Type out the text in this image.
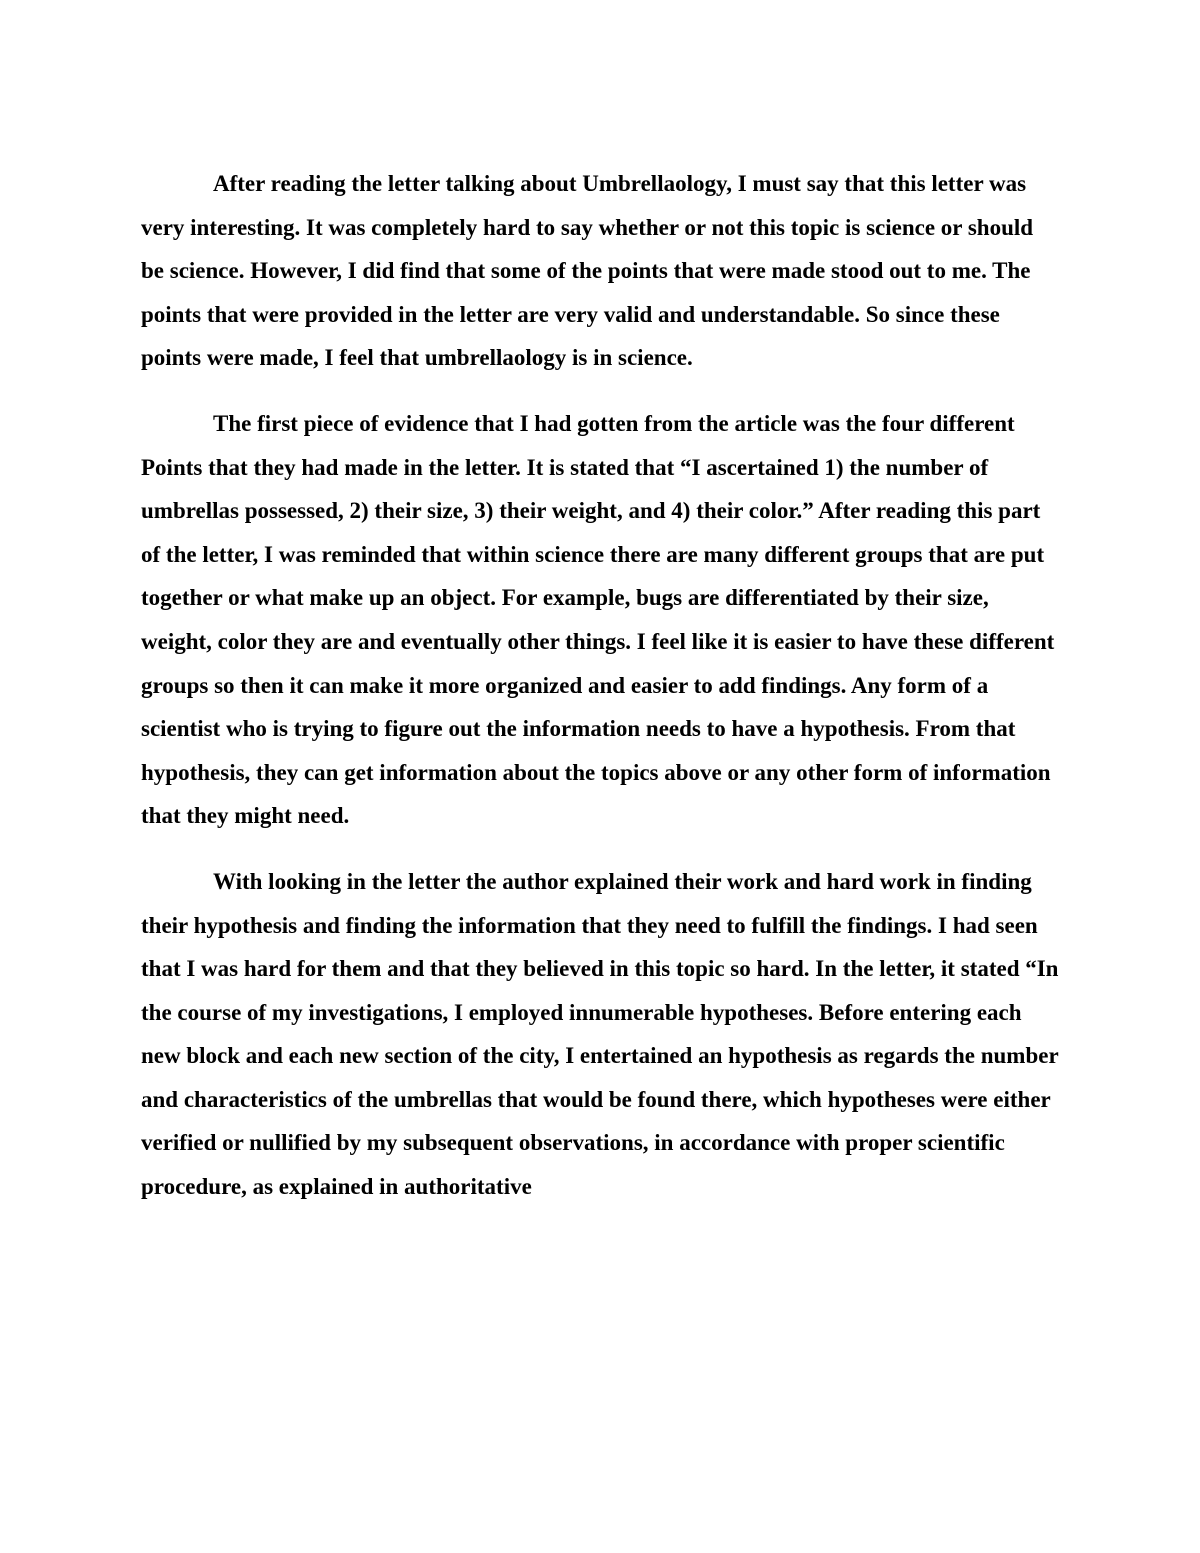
After reading the letter talking about Umbrellaology, I must say that this letter was very interesting. It was completely hard to say whether or not this topic is science or should be science. However, I did find that some of the points that were made stood out to me. The points that were provided in the letter are very valid and understandable. So since these points were made, I feel that umbrellaology is in science.

The first piece of evidence that I had gotten from the article was the four different Points that they had made in the letter. It is stated that “I ascertained 1) the number of umbrellas possessed, 2) their size, 3) their weight, and 4) their color.” After reading this part of the letter, I was reminded that within science there are many different groups that are put together or what make up an object. For example, bugs are differentiated by their size, weight, color they are and eventually other things. I feel like it is easier to have these different groups so then it can make it more organized and easier to add findings. Any form of a scientist who is trying to figure out the information needs to have a hypothesis. From that hypothesis, they can get information about the topics above or any other form of information that they might need.

With looking in the letter the author explained their work and hard work in finding their hypothesis and finding the information that they need to fulfill the findings. I had seen that I was hard for them and that they believed in this topic so hard. In the letter, it stated “In the course of my investigations, I employed innumerable hypotheses. Before entering each new block and each new section of the city, I entertained an hypothesis as regards the number and characteristics of the umbrellas that would be found there, which hypotheses were either verified or nullified by my subsequent observations, in accordance with proper scientific procedure, as explained in authoritative
